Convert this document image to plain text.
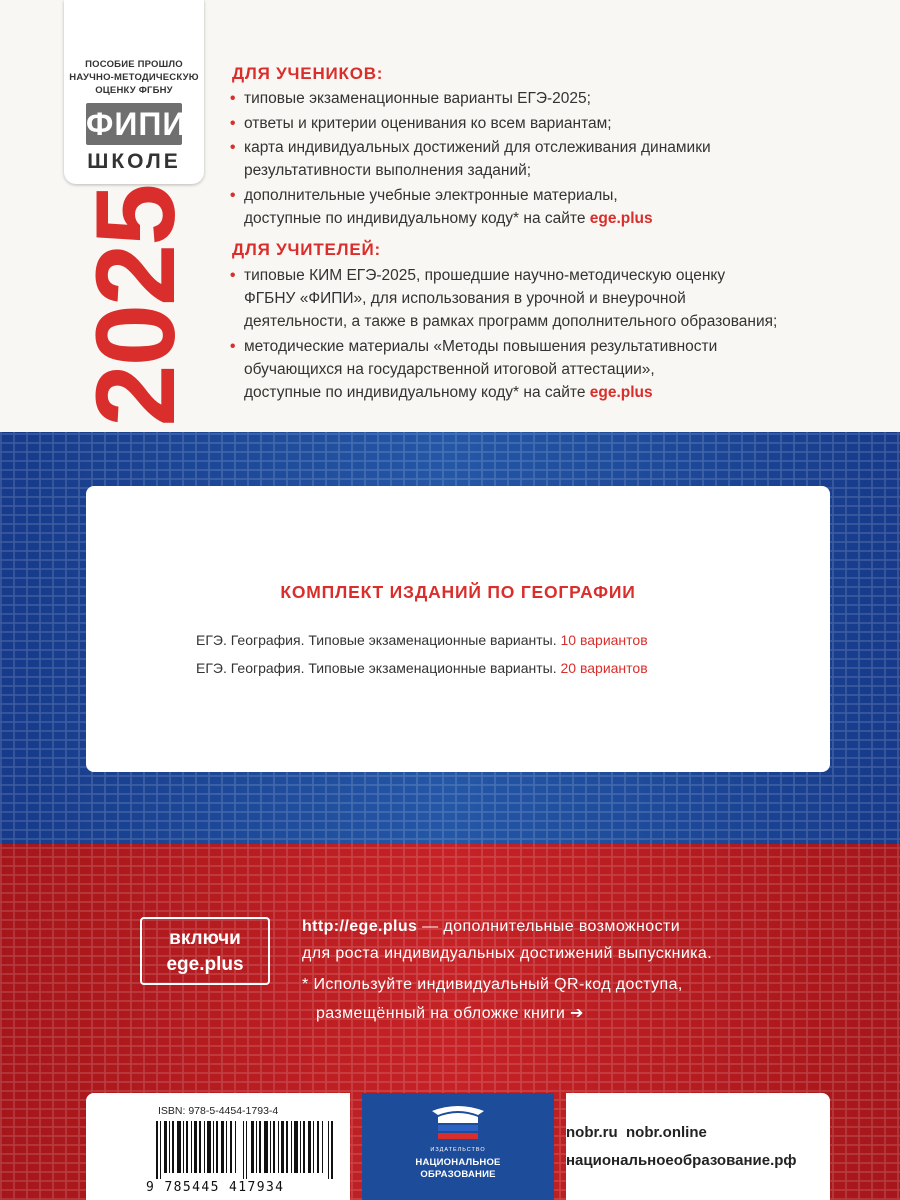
ПОСОБИЕ ПРОШЛО
НАУЧНО-МЕТОДИЧЕСКУЮ
ОЦЕНКУ ФГБНУ
ФИПИ
ШКОЛЕ
2025
ДЛЯ УЧЕНИКОВ:
• типовые экзаменационные варианты ЕГЭ-2025;
• ответы и критерии оценивания ко всем вариантам;
• карта индивидуальных достижений для отслеживания динамики
результативности выполнения заданий;
• дополнительные учебные электронные материалы,
доступные по индивидуальному коду* на сайте ege.plus
ДЛЯ УЧИТЕЛЕЙ:
• типовые КИМ ЕГЭ-2025, прошедшие научно-методическую оценку
ФГБНУ «ФИПИ», для использования в урочной и внеурочной
деятельности, а также в рамках программ дополнительного образования;
• методические материалы «Методы повышения результативности
обучающихся на государственной итоговой аттестации»,
доступные по индивидуальному коду* на сайте ege.plus
КОМПЛЕКТ ИЗДАНИЙ ПО ГЕОГРАФИИ
ЕГЭ. География. Типовые экзаменационные варианты. 10 вариантов
ЕГЭ. География. Типовые экзаменационные варианты. 20 вариантов
включи
ege.plus
http://ege.plus — дополнительные возможности
для роста индивидуальных достижений выпускника.
* Используйте индивидуальный QR-код доступа,
размещённый на обложке книги ➔
ISBN: 978-5-4454-1793-4
9 785445 417934
ИЗДАТЕЛЬСТВО
НАЦИОНАЛЬНОЕ
ОБРАЗОВАНИЕ
nobr.ru nobr.online
национальноеобразование.рф
